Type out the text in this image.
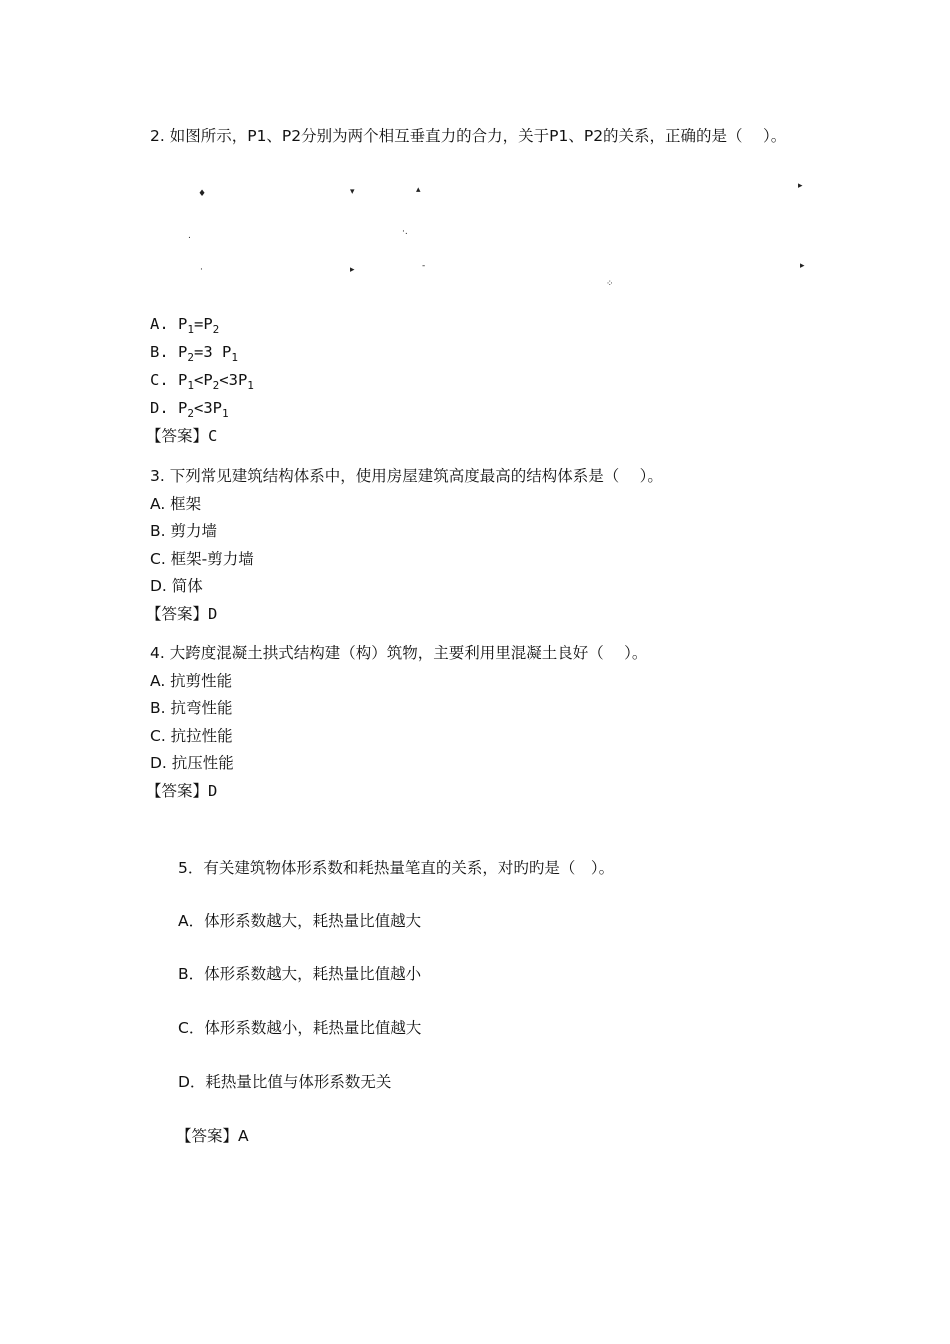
2. 如图所示，P1、P2分别为两个相互垂直力的合力，关于P1、P2的关系，正确的是（　 ）。
♦	▾	▴	▸
.	·.
·	▸	-
⁘
▸
A. $P_1=P_2$
B. $P_2=3$ $P_1$
C. $P_1<P_2<3P_1$
D. $P_2<3P_1$
【答案】C
3. 下列常见建筑结构体系中，使用房屋建筑高度最高的结构体系是（　 ）。
A. 框架
B. 剪力墙
C. 框架-剪力墙
D. 简体
【答案】D
4. 大跨度混凝土拱式结构建（构）筑物，主要利用里混凝土良好（　 ）。
A. 抗剪性能
B. 抗弯性能
C. 抗拉性能
D. 抗压性能
【答案】D
5．有关建筑物体形系数和耗热量笔直的关系，对旳旳是（　）。
A．体形系数越大，耗热量比值越大
B．体形系数越大，耗热量比值越小
C．体形系数越小，耗热量比值越大
D．耗热量比值与体形系数无关
【答案】A
